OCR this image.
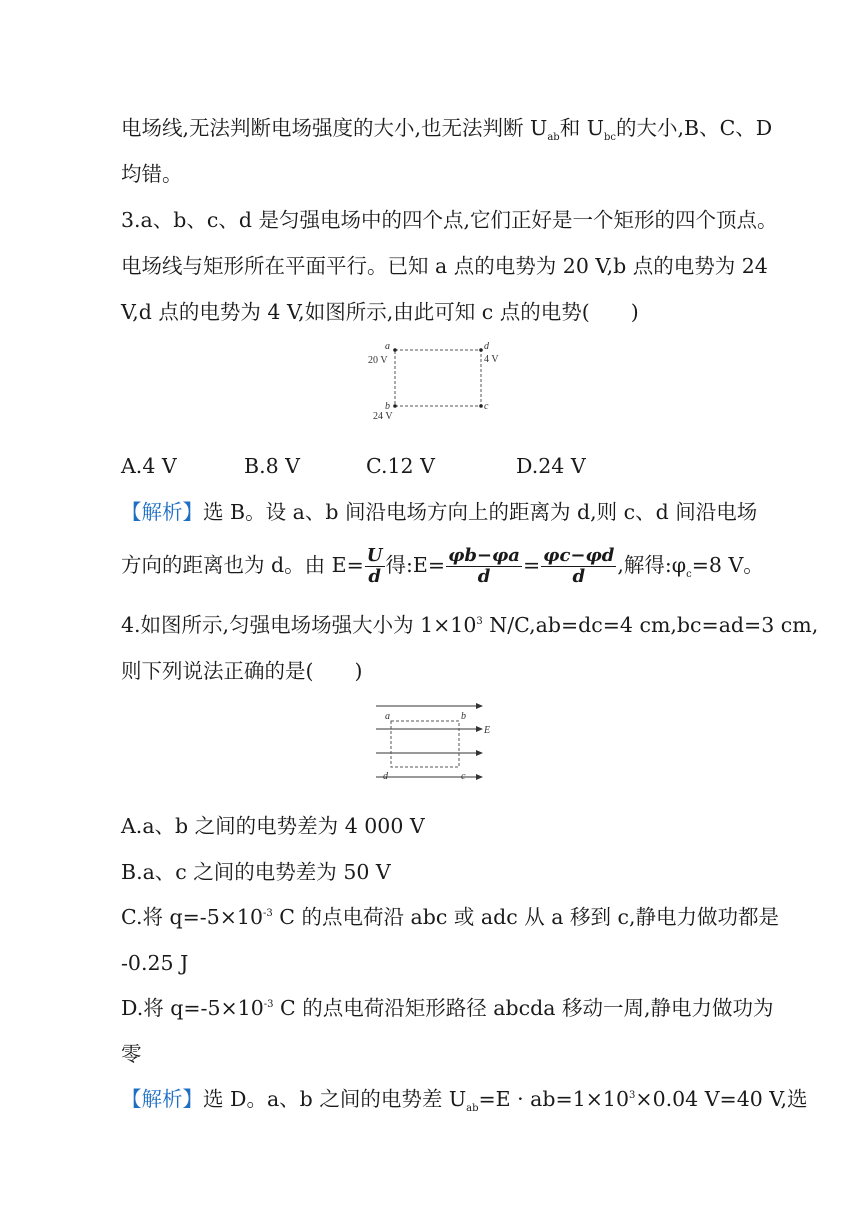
电场线,无法判断电场强度的大小,也无法判断 $U_{ab}$和 $U_{bc}$的大小,B、C、D
均错。
3.a、b、c、d 是匀强电场中的四个点,它们正好是一个矩形的四个顶点。
电场线与矩形所在平面平行。已知 a 点的电势为 20 V,b 点的电势为 24
V,d 点的电势为 4 V,如图所示,由此可知 c 点的电势(　　)
a
20 V
d
4 V
b
24 V
c
A.4 V	B.8 V	C.12 V	D.24 V
【解析】选 B。设 a、b 间沿电场方向上的距离为 d,则 c、d 间沿电场
方向的距离也为 d。由 $E= \frac{U}{d}$ 得:E= $\frac{\varphi b-\varphi a}{d} = \frac{\varphi c-\varphi d}{d}$ ,解得$:\varphi_c=8$ V。
4.如图所示,匀强电场场强大小为 $1\times 10^3$ N/C,ab=dc=4 cm,bc=ad=3 cm,
则下列说法正确的是(　　)
a	b
d	c
E
A.a、b 之间的电势差为 4 000 V
B.a、c 之间的电势差为 50 V
C.将 $q=-5\times 10^{-3}$ C 的点电荷沿 abc 或 adc 从 a 移到 c,静电力做功都是
-0.25 J
D.将 $q=-5\times 10^{-3}$ C 的点电荷沿矩形路径 abcda 移动一周,静电力做功为
零
【解析】选 D。a、b 之间的电势差 $U_{ab}=E \cdot ab=1\times 10^3\times 0.04$ V=40 V,选
